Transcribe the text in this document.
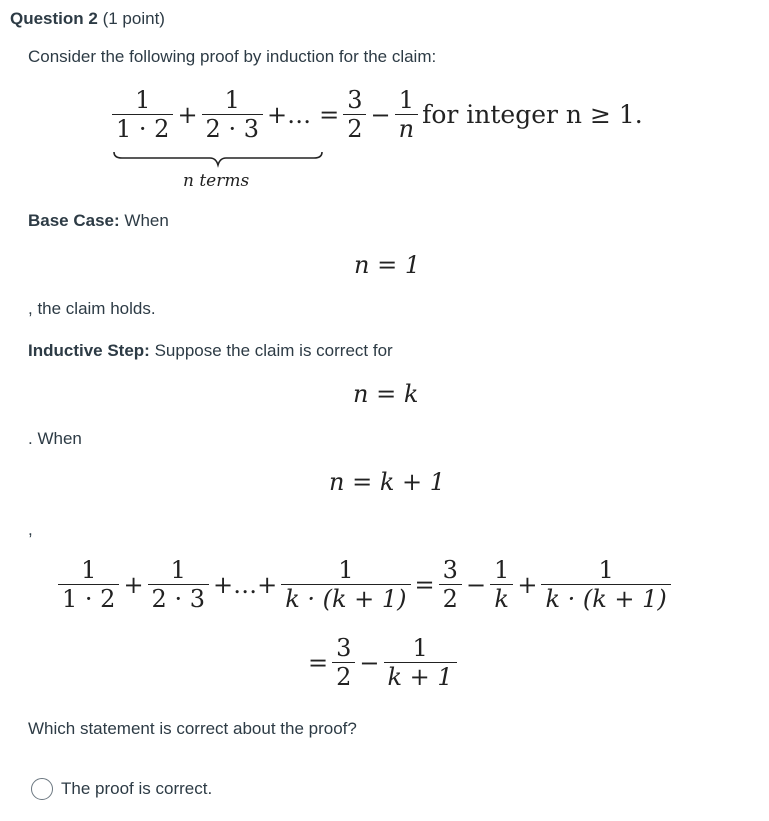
Question 2 (1 point)
Consider the following proof by induction for the claim:
$\frac{1}{1 \cdot 2} + \frac{1}{2 \cdot 3}$ +… = $\frac{3}{2} - \frac{1}{n}$ for integer n ≥ 1.
n terms
Base Case: When
n = 1
, the claim holds.
Inductive Step: Suppose the claim is correct for
n = k
. When
n = k + 1
,
$\frac{1}{1 \cdot 2} + \frac{1}{2 \cdot 3}$ +…+ $\frac{1}{k \cdot (k + 1)} = \frac{3}{2} - \frac{1}{k} + \frac{1}{k \cdot (k + 1)}$
= $\frac{3}{2} - \frac{1}{k + 1}$
Which statement is correct about the proof?
The proof is correct.
